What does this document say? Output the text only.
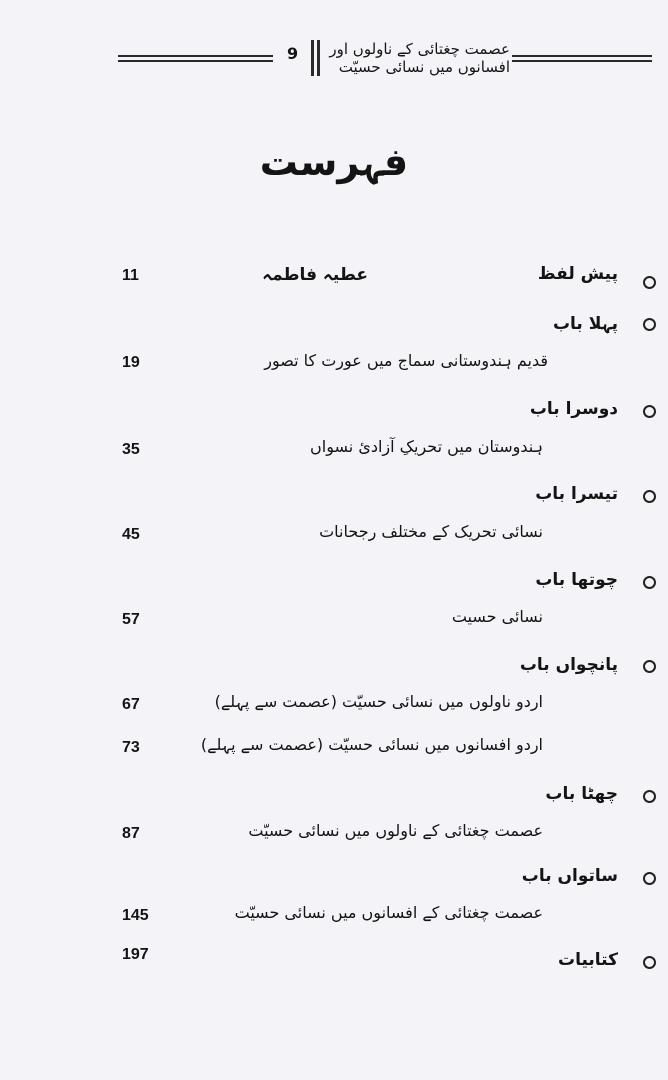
9	عصمت چغتائی کے ناولوں اور
افسانوں میں نسائی حسیّت
فہرست
پیش لفظ
عطیہ فاطمہ
11
پہلا باب
قدیم ہندوستانی سماج میں عورت کا تصور
19
دوسرا باب
ہندوستان میں تحریکِ آزادیٔ نسواں
35
تیسرا باب
نسائی تحریک کے مختلف رجحانات
45
چوتھا باب
نسائی حسیت
57
پانچواں باب
اردو ناولوں میں نسائی حسیّت (عصمت سے پہلے)
67
اردو افسانوں میں نسائی حسیّت (عصمت سے پہلے)
73
چھٹا باب
عصمت چغتائی کے ناولوں میں نسائی حسیّت
87
ساتواں باب
عصمت چغتائی کے افسانوں میں نسائی حسیّت
145
کتابیات
197
